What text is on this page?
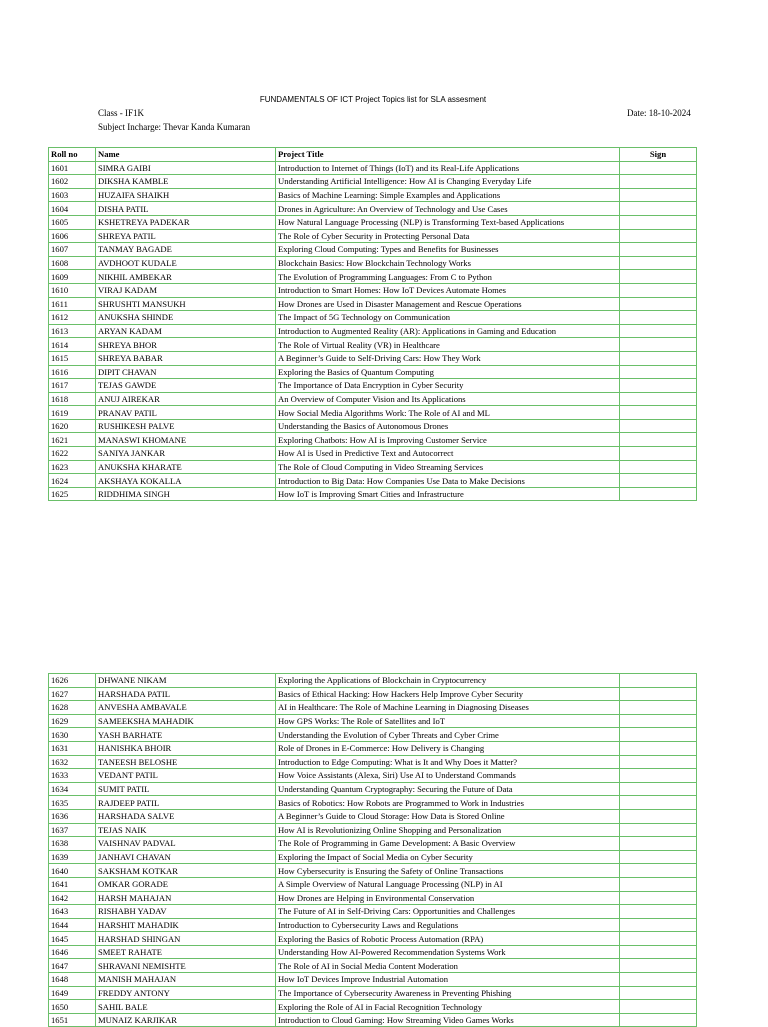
FUNDAMENTALS OF ICT Project Topics list for SLA assesment
Class - IF1K
Subject Incharge: Thevar Kanda Kumaran
Date: 18-10-2024
Roll no	Name	Project Title	Sign
1601	SIMRA GAIBI	Introduction to Internet of Things (IoT) and its Real-Life Applications	
1602	DIKSHA KAMBLE	Understanding Artificial Intelligence: How AI is Changing Everyday Life	
1603	HUZAIFA SHAIKH	Basics of Machine Learning: Simple Examples and Applications	
1604	DISHA PATIL	Drones in Agriculture: An Overview of Technology and Use Cases	
1605	KSHETREYA PADEKAR	How Natural Language Processing (NLP) is Transforming Text-based Applications	
1606	SHREYA PATIL	The Role of Cyber Security in Protecting Personal Data	
1607	TANMAY BAGADE	Exploring Cloud Computing: Types and Benefits for Businesses	
1608	AVDHOOT KUDALE	Blockchain Basics: How Blockchain Technology Works	
1609	NIKHIL AMBEKAR	The Evolution of Programming Languages: From C to Python	
1610	VIRAJ KADAM	Introduction to Smart Homes: How IoT Devices Automate Homes	
1611	SHRUSHTI MANSUKH	How Drones are Used in Disaster Management and Rescue Operations	
1612	ANUKSHA SHINDE	The Impact of 5G Technology on Communication	
1613	ARYAN KADAM	Introduction to Augmented Reality (AR): Applications in Gaming and Education	
1614	SHREYA BHOR	The Role of Virtual Reality (VR) in Healthcare	
1615	SHREYA BABAR	A Beginner’s Guide to Self-Driving Cars: How They Work	
1616	DIPIT CHAVAN	Exploring the Basics of Quantum Computing	
1617	TEJAS GAWDE	The Importance of Data Encryption in Cyber Security	
1618	ANUJ AIREKAR	An Overview of Computer Vision and Its Applications	
1619	PRANAV PATIL	How Social Media Algorithms Work: The Role of AI and ML	
1620	RUSHIKESH PALVE	Understanding the Basics of Autonomous Drones	
1621	MANASWI KHOMANE	Exploring Chatbots: How AI is Improving Customer Service	
1622	SANIYA JANKAR	How AI is Used in Predictive Text and Autocorrect	
1623	ANUKSHA KHARATE	The Role of Cloud Computing in Video Streaming Services	
1624	AKSHAYA KOKALLA	Introduction to Big Data: How Companies Use Data to Make Decisions	
1625	RIDDHIMA SINGH	How IoT is Improving Smart Cities and Infrastructure	
1626	DHWANE NIKAM	Exploring the Applications of Blockchain in Cryptocurrency	
1627	HARSHADA PATIL	Basics of Ethical Hacking: How Hackers Help Improve Cyber Security	
1628	ANVESHA AMBAVALE	AI in Healthcare: The Role of Machine Learning in Diagnosing Diseases	
1629	SAMEEKSHA MAHADIK	How GPS Works: The Role of Satellites and IoT	
1630	YASH BARHATE	Understanding the Evolution of Cyber Threats and Cyber Crime	
1631	HANISHKA BHOIR	Role of Drones in E-Commerce: How Delivery is Changing	
1632	TANEESH BELOSHE	Introduction to Edge Computing: What is It and Why Does it Matter?	
1633	VEDANT PATIL	How Voice Assistants (Alexa, Siri) Use AI to Understand Commands	
1634	SUMIT PATIL	Understanding Quantum Cryptography: Securing the Future of Data	
1635	RAJDEEP PATIL	Basics of Robotics: How Robots are Programmed to Work in Industries	
1636	HARSHADA SALVE	A Beginner’s Guide to Cloud Storage: How Data is Stored Online	
1637	TEJAS NAIK	How AI is Revolutionizing Online Shopping and Personalization	
1638	VAISHNAV PADVAL	The Role of Programming in Game Development: A Basic Overview	
1639	JANHAVI CHAVAN	Exploring the Impact of Social Media on Cyber Security	
1640	SAKSHAM KOTKAR	How Cybersecurity is Ensuring the Safety of Online Transactions	
1641	OMKAR GORADE	A Simple Overview of Natural Language Processing (NLP) in AI	
1642	HARSH MAHAJAN	How Drones are Helping in Environmental Conservation	
1643	RISHABH YADAV	The Future of AI in Self-Driving Cars: Opportunities and Challenges	
1644	HARSHIT MAHADIK	Introduction to Cybersecurity Laws and Regulations	
1645	HARSHAD SHINGAN	Exploring the Basics of Robotic Process Automation (RPA)	
1646	SMEET RAHATE	Understanding How AI-Powered Recommendation Systems Work	
1647	SHRAVANI NEMISHTE	The Role of AI in Social Media Content Moderation	
1648	MANISH MAHAJAN	How IoT Devices Improve Industrial Automation	
1649	FREDDY ANTONY	The Importance of Cybersecurity Awareness in Preventing Phishing	
1650	SAHIL BALE	Exploring the Role of AI in Facial Recognition Technology	
1651	MUNAIZ KARJIKAR	Introduction to Cloud Gaming: How Streaming Video Games Works	
